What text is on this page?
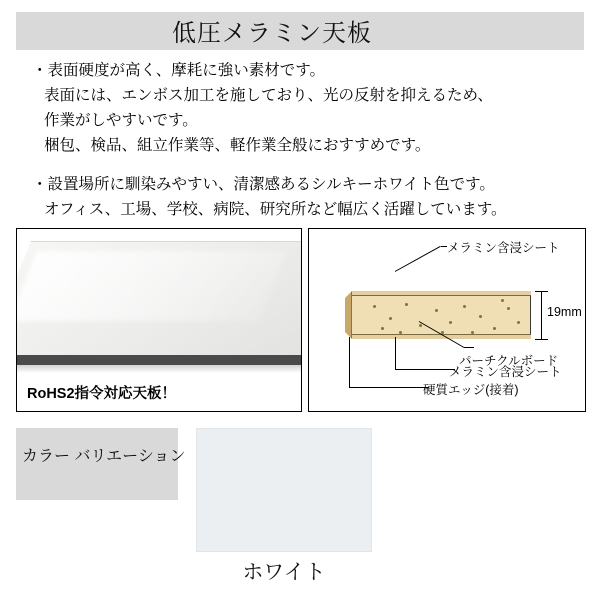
低圧メラミン天板
・表面硬度が高く、摩耗に強い素材です。
表面には、エンボス加工を施しており、光の反射を抑えるため、
作業がしやすいです。
梱包、検品、組立作業等、軽作業全般におすすめです。
・設置場所に馴染みやすい、清潔感あるシルキーホワイト色です。
オフィス、工場、学校、病院、研究所など幅広く活躍しています。
RoHS2指令対応天板！
19mm
メラミン含浸シート
パーチクルボード
メラミン含浸シート
硬質エッジ(接着)
カラー バリエーション
ホワイト
